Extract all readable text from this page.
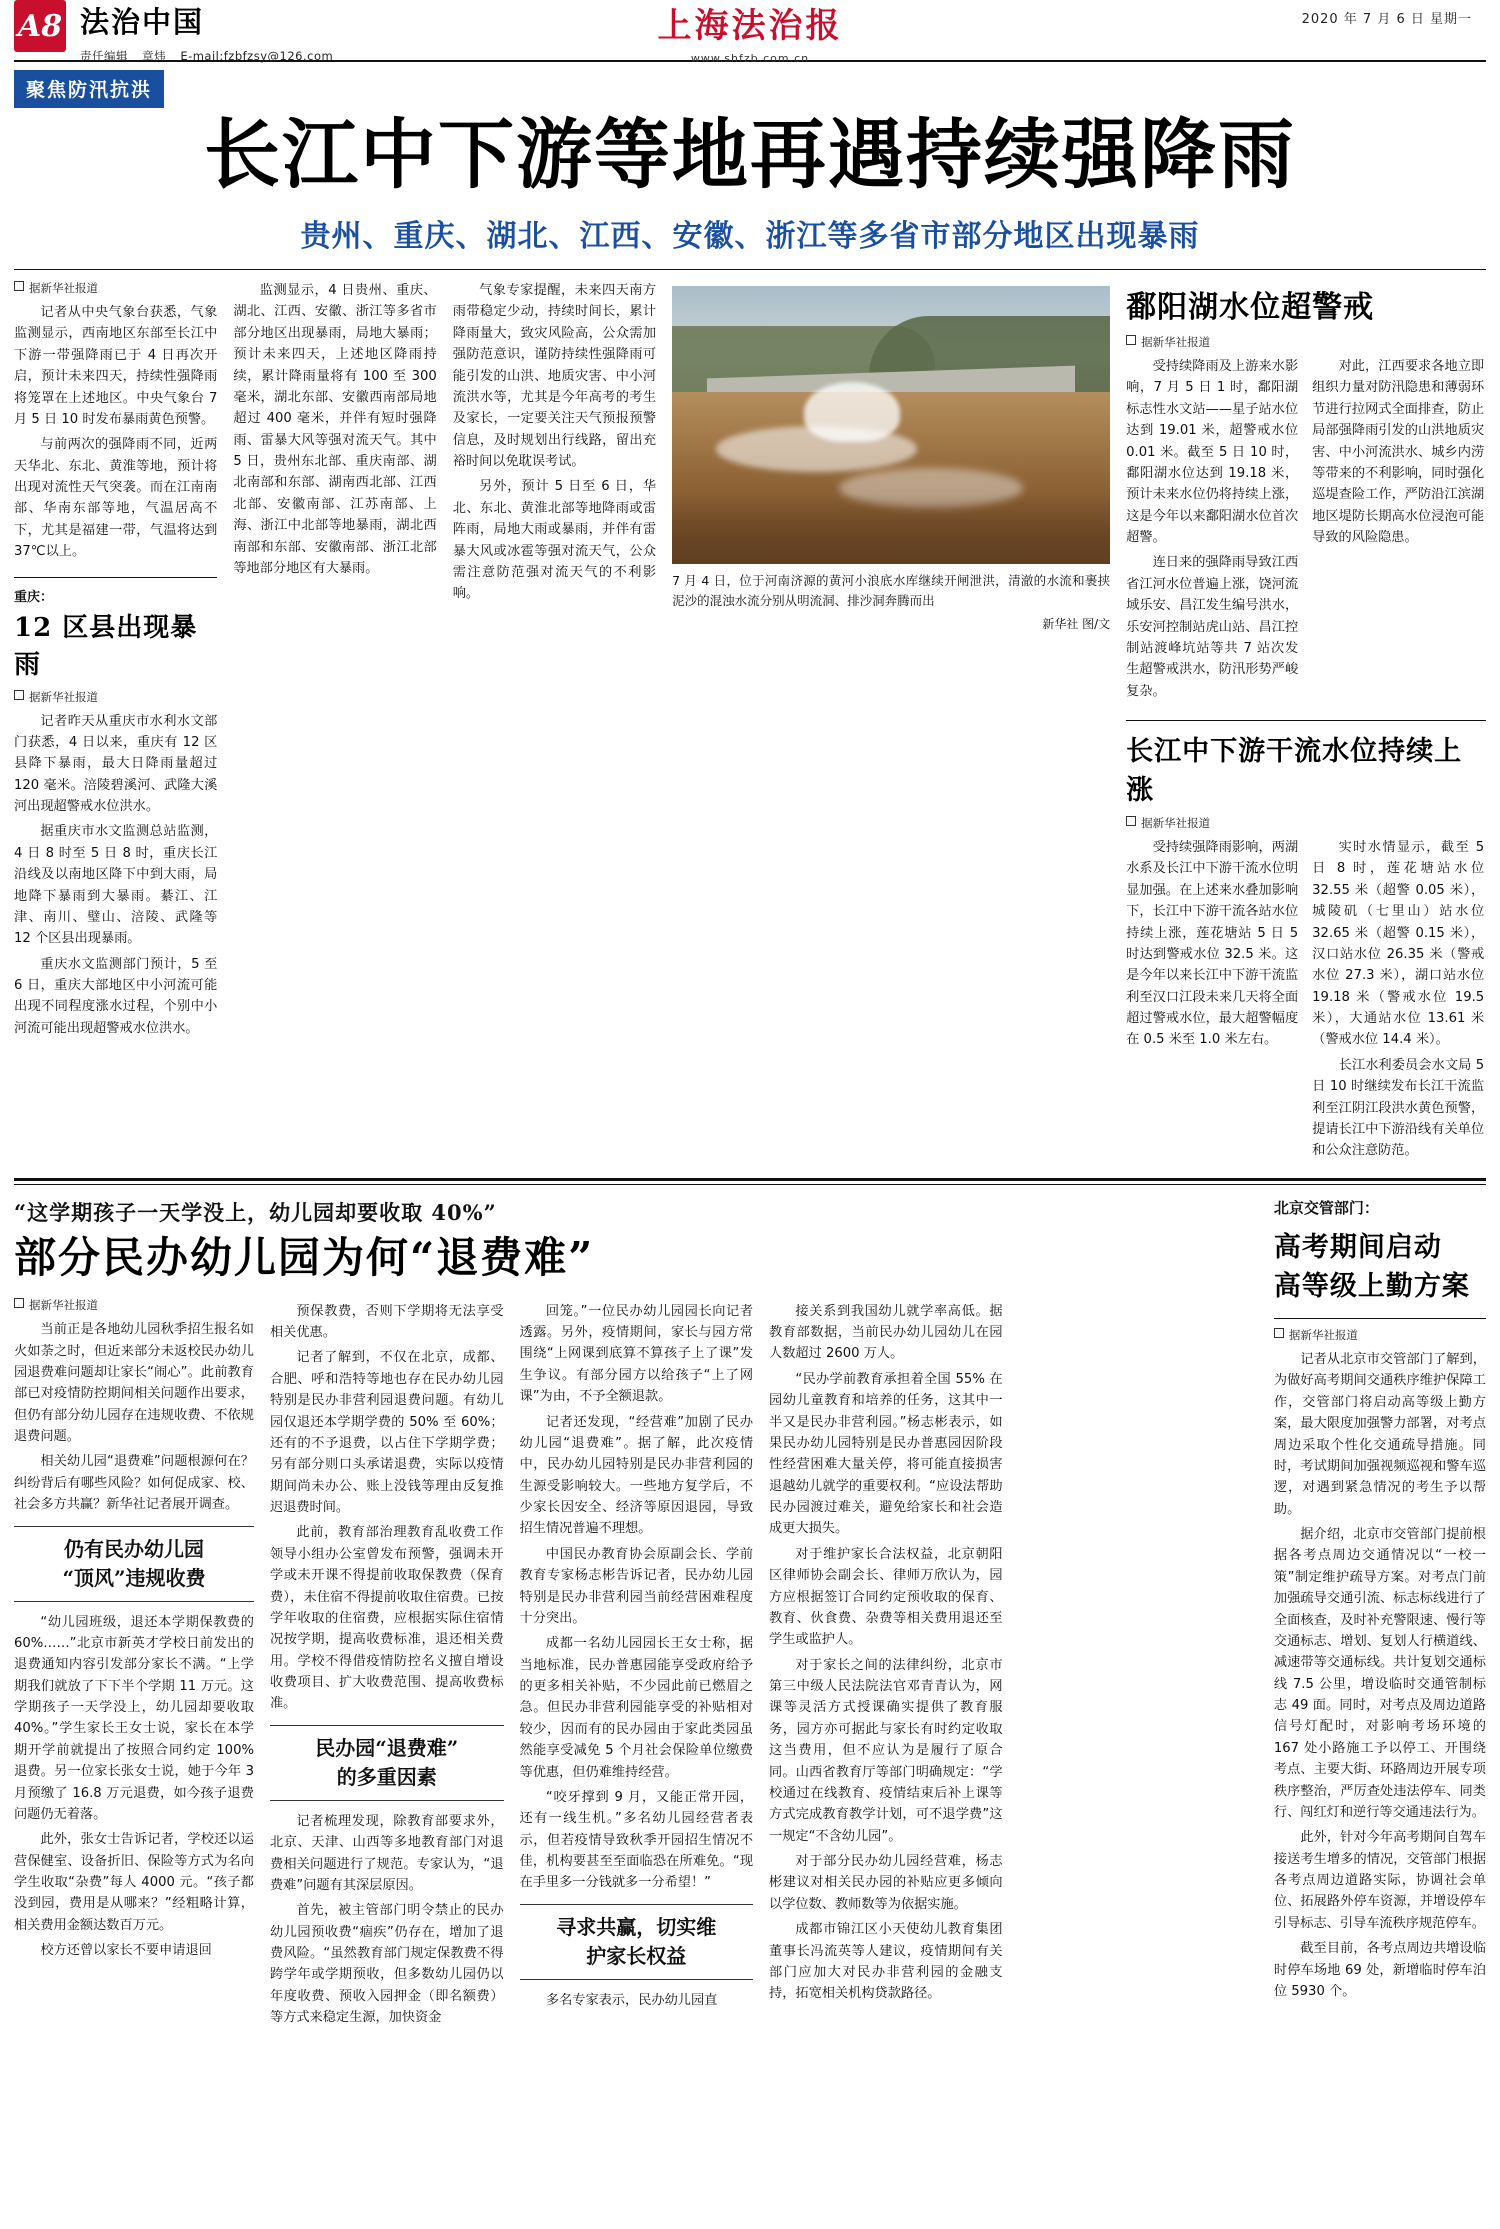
A8 法治中国
责任编辑 章炜 E-mail:fzbfzsy@126.com
上海法治报
www.shfzb.com.cn
2020 年 7 月 6 日 星期一
聚焦防汛抗洪
长江中下游等地再遇持续强降雨
贵州、重庆、湖北、江西、安徽、浙江等多省市部分地区出现暴雨
据新华社报道

记者从中央气象台获悉，气象监测显示，西南地区东部至长江中下游一带强降雨已于 4 日再次开启，预计未来四天，持续性强降雨将笼罩在上述地区。中央气象台 7 月 5 日 10 时发布暴雨黄色预警。

与前两次的强降雨不同，近两天华北、东北、黄淮等地，预计将出现对流性天气突袭。而在江南南部、华南东部等地，气温居高不下，尤其是福建一带，气温将达到 37℃以上。

重庆：
12 区县出现暴雨
据新华社报道

记者昨天从重庆市水利水文部门获悉，4 日以来，重庆有 12 区县降下暴雨，最大日降雨量超过 120 毫米。涪陵碧溪河、武隆大溪河出现超警戒水位洪水。

据重庆市水文监测总站监测，4 日 8 时至 5 日 8 时，重庆长江沿线及以南地区降下中到大雨，局地降下暴雨到大暴雨。綦江、江津、南川、璧山、涪陵、武隆等 12 个区县出现暴雨。

重庆水文监测部门预计，5 至 6 日，重庆大部地区中小河流可能出现不同程度涨水过程，个别中小河流可能出现超警戒水位洪水。

监测显示，4 日贵州、重庆、湖北、江西、安徽、浙江等多省市部分地区出现暴雨，局地大暴雨；预计未来四天，上述地区降雨持续，累计降雨量将有 100 至 300 毫米，湖北东部、安徽西南部局地超过 400 毫米，并伴有短时强降雨、雷暴大风等强对流天气。其中 5 日，贵州东北部、重庆南部、湖北南部和东部、湖南西北部、江西北部、安徽南部、江苏南部、上海、浙江中北部等地暴雨，湖北西南部和东部、安徽南部、浙江北部等地部分地区有大暴雨。

气象专家提醒，未来四天南方雨带稳定少动，持续时间长，累计降雨量大，致灾风险高，公众需加强防范意识，谨防持续性强降雨可能引发的山洪、地质灾害、中小河流洪水等，尤其是今年高考的考生及家长，一定要关注天气预报预警信息，及时规划出行线路，留出充裕时间以免耽误考试。

另外，预计 5 日至 6 日，华北、东北、黄淮北部等地降雨或雷阵雨，局地大雨或暴雨，并伴有雷暴大风或冰雹等强对流天气，公众需注意防范强对流天气的不利影响。

7 月 4 日，位于河南济源的黄河小浪底水库继续开闸泄洪，清澈的水流和裹挟泥沙的混浊水流分别从明流洞、排沙洞奔腾而出
新华社 图/文
鄱阳湖水位超警戒
据新华社报道

受持续降雨及上游来水影响，7 月 5 日 1 时，鄱阳湖标志性水文站——星子站水位达到 19.01 米，超警戒水位 0.01 米。截至 5 日 10 时，鄱阳湖水位达到 19.18 米，预计未来水位仍将持续上涨，这是今年以来鄱阳湖水位首次超警。

连日来的强降雨导致江西省江河水位普遍上涨，饶河流域乐安、昌江发生编号洪水，乐安河控制站虎山站、昌江控制站渡峰坑站等共 7 站次发生超警戒洪水，防汛形势严峻复杂。

对此，江西要求各地立即组织力量对防汛隐患和薄弱环节进行拉网式全面排查，防止局部强降雨引发的山洪地质灾害、中小河流洪水、城乡内涝等带来的不利影响，同时强化巡堤查险工作，严防沿江滨湖地区堤防长期高水位浸泡可能导致的风险隐患。

长江中下游干流水位持续上涨
据新华社报道

受持续强降雨影响，两湖水系及长江中下游干流水位明显加强。在上述来水叠加影响下，长江中下游干流各站水位持续上涨，莲花塘站 5 日 5 时达到警戒水位 32.5 米。这是今年以来长江中下游干流监利至汉口江段未来几天将全面超过警戒水位，最大超警幅度在 0.5 米至 1.0 米左右。

实时水情显示，截至 5 日 8 时，莲花塘站水位 32.55 米（超警 0.05 米），城陵矶（七里山）站水位 32.65 米（超警 0.15 米），汉口站水位 26.35 米（警戒水位 27.3 米），湖口站水位 19.18 米（警戒水位 19.5 米），大通站水位 13.61 米（警戒水位 14.4 米）。

长江水利委员会水文局 5 日 10 时继续发布长江干流监利至江阴江段洪水黄色预警，提请长江中下游沿线有关单位和公众注意防范。

“这学期孩子一天学没上，幼儿园却要收取 40%”
部分民办幼儿园为何“退费难”
据新华社报道

当前正是各地幼儿园秋季招生报名如火如荼之时，但近来部分未返校民办幼儿园退费难问题却让家长“闹心”。此前教育部已对疫情防控期间相关问题作出要求，但仍有部分幼儿园存在违规收费、不依规退费问题。

相关幼儿园“退费难”问题根源何在？纠纷背后有哪些风险？如何促成家、校、社会多方共赢？新华社记者展开调查。

仍有民办幼儿园
“顶风”违规收费

“幼儿园班级，退还本学期保教费的 60%……”北京市新英才学校日前发出的退费通知内容引发部分家长不满。“上学期我们就放了下下半个学期 11 万元。这学期孩子一天学没上，幼儿园却要收取 40%。”学生家长王女士说，家长在本学期开学前就提出了按照合同约定 100% 退费。另一位家长张女士说，她于今年 3 月预缴了 16.8 万元退费，如今孩子退费问题仍无着落。

此外，张女士告诉记者，学校还以运营保健室、设备折旧、保险等方式为名向学生收取“杂费”每人 4000 元。“孩子都没到园，费用是从哪来？”经粗略计算，相关费用金额达数百万元。

校方还曾以家长不要申请退回

预保教费，否则下学期将无法享受相关优惠。

记者了解到，不仅在北京，成都、合肥、呼和浩特等地也存在民办幼儿园特别是民办非营利园退费问题。有幼儿园仅退还本学期学费的 50% 至 60%；还有的不予退费，以占住下学期学费；另有部分则口头承诺退费，实际以疫情期间尚未办公、账上没钱等理由反复推迟退费时间。

此前，教育部治理教育乱收费工作领导小组办公室曾发布预警，强调未开学或未开课不得提前收取保教费（保育费），未住宿不得提前收取住宿费。已按学年收取的住宿费，应根据实际住宿情况按学期，提高收费标准，退还相关费用。学校不得借疫情防控名义擅自增设收费项目、扩大收费范围、提高收费标准。

民办园“退费难”
的多重因素

记者梳理发现，除教育部要求外，北京、天津、山西等多地教育部门对退费相关问题进行了规范。专家认为，“退费难”问题有其深层原因。

首先，被主管部门明令禁止的民办幼儿园预收费“痼疾”仍存在，增加了退费风险。“虽然教育部门规定保教费不得跨学年或学期预收，但多数幼儿园仍以年度收费、预收入园押金（即名额费）等方式来稳定生源，加快资金

回笼。”一位民办幼儿园园长向记者透露。另外，疫情期间，家长与园方常围绕“上网课到底算不算孩子上了课”发生争议。有部分园方以给孩子“上了网课”为由，不予全额退款。

记者还发现，“经营难”加剧了民办幼儿园“退费难”。据了解，此次疫情中，民办幼儿园特别是民办非营利园的生源受影响较大。一些地方复学后，不少家长因安全、经济等原因退园，导致招生情况普遍不理想。

中国民办教育协会原副会长、学前教育专家杨志彬告诉记者，民办幼儿园特别是民办非营利园当前经营困难程度十分突出。

成都一名幼儿园园长王女士称，据当地标准，民办普惠园能享受政府给予的更多相关补贴，不少园此前已燃眉之急。但民办非营利园能享受的补贴相对较少，因而有的民办园由于家此类园虽然能享受减免 5 个月社会保险单位缴费等优惠，但仍难维持经营。

“咬牙撑到 9 月，又能正常开园，还有一线生机。”多名幼儿园经营者表示，但若疫情导致秋季开园招生情况不佳，机构要甚至至面临恐在所难免。“现在手里多一分钱就多一分希望！”

寻求共赢，切实维
护家长权益

多名专家表示，民办幼儿园直

接关系到我国幼儿就学率高低。据教育部数据，当前民办幼儿园幼儿在园人数超过 2600 万人。

“民办学前教育承担着全国 55% 在园幼儿童教育和培养的任务，这其中一半又是民办非营利园。”杨志彬表示，如果民办幼儿园特别是民办普惠园因阶段性经营困难大量关停，将可能直接损害退越幼儿就学的重要权利。“应设法帮助民办园渡过难关，避免给家长和社会造成更大损失。

对于维护家长合法权益，北京朝阳区律师协会副会长、律师万欣认为，园方应根据签订合同约定预收取的保育、教育、伙食费、杂费等相关费用退还至学生或监护人。

对于家长之间的法律纠纷，北京市第三中级人民法院法官邓青青认为，网课等灵活方式授课确实提供了教育服务，园方亦可据此与家长有时约定收取这当费用，但不应认为是履行了原合同。山西省教育厅等部门明确规定：“学校通过在线教育、疫情结束后补上课等方式完成教育教学计划，可不退学费”这一规定“不含幼儿园”。

对于部分民办幼儿园经营难，杨志彬建议对相关民办园的补贴应更多倾向以学位数、教师数等为依据实施。

成都市锦江区小天使幼儿教育集团董事长冯流英等人建议，疫情期间有关部门应加大对民办非营利园的金融支持，拓宽相关机构贷款路径。

北京交管部门：
高考期间启动
高等级上勤方案
据新华社报道

记者从北京市交管部门了解到，为做好高考期间交通秩序维护保障工作，交管部门将启动高等级上勤方案，最大限度加强警力部署，对考点周边采取个性化交通疏导措施。同时，考试期间加强视频巡视和警车巡逻，对遇到紧急情况的考生予以帮助。

据介绍，北京市交管部门提前根据各考点周边交通情况以“一校一策”制定维护疏导方案。对考点门前加强疏导交通引流、标志标线进行了全面核查，及时补充警限速、慢行等交通标志、增划、复划人行横道线、减速带等交通标线。共计复划交通标线 7.5 公里，增设临时交通管制标志 49 面。同时，对考点及周边道路信号灯配时，对影响考场环境的 167 处小路施工予以停工、开围绕考点、主要大街、环路周边开展专项秩序整治，严厉查处违法停车、同类行、闯红灯和逆行等交通违法行为。

此外，针对今年高考期间自驾车接送考生增多的情况，交管部门根据各考点周边道路实际，协调社会单位、拓展路外停车资源，并增设停车引导标志、引导车流秩序规范停车。

截至目前，各考点周边共增设临时停车场地 69 处，新增临时停车泊位 5930 个。
